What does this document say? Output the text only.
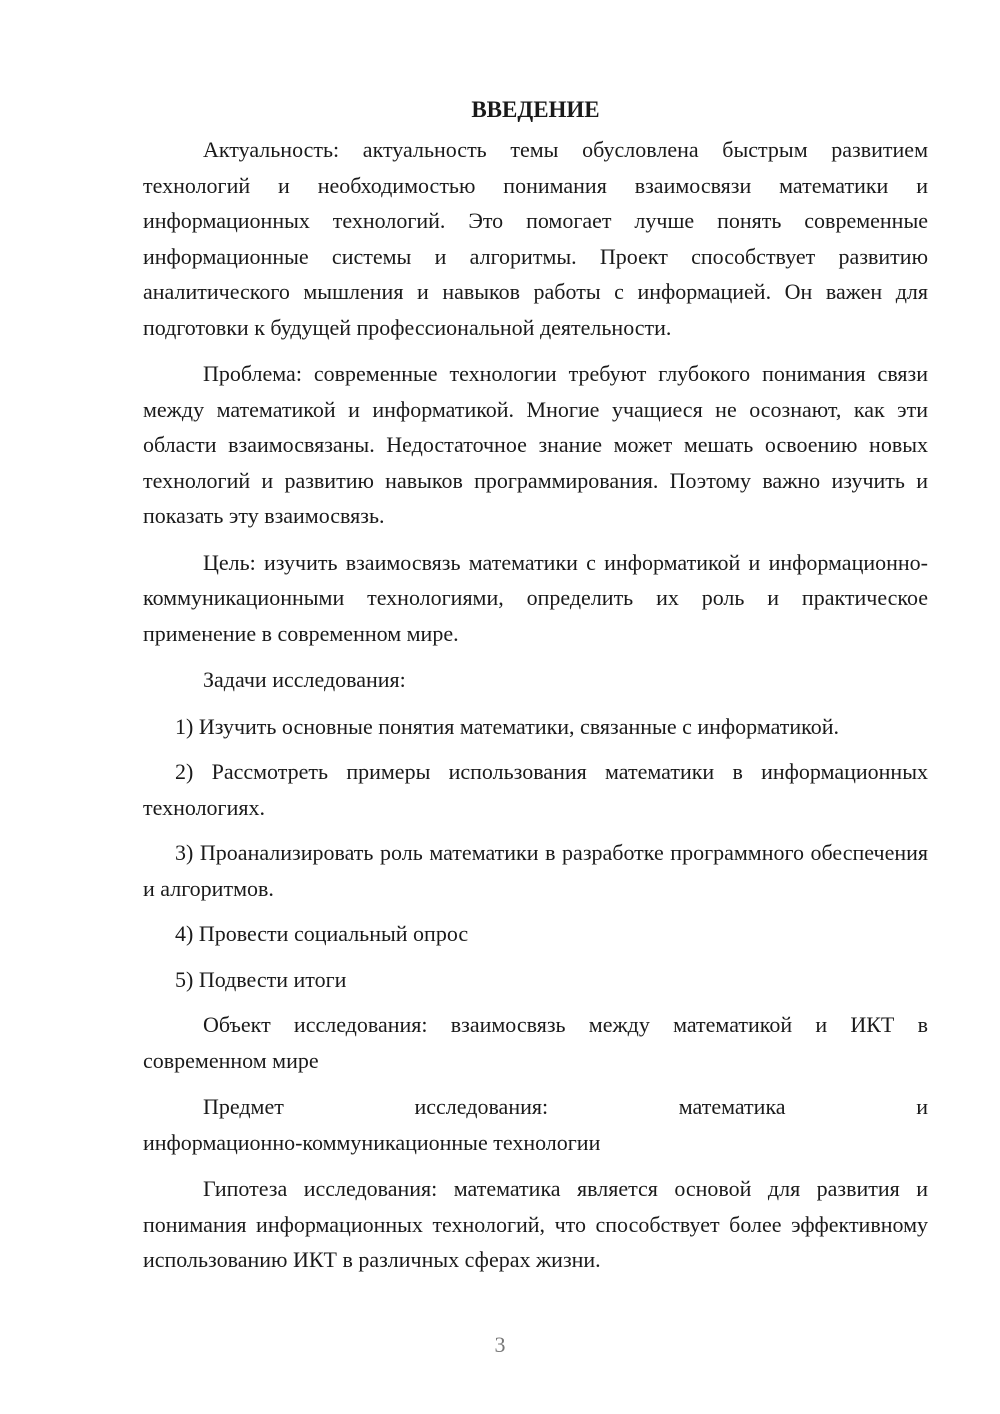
ВВЕДЕНИЕ

Актуальность: актуальность темы обусловлена быстрым развитием технологий и необходимостью понимания взаимосвязи математики и информационных технологий. Это помогает лучше понять современные информационные системы и алгоритмы. Проект способствует развитию аналитического мышления и навыков работы с информацией. Он важен для подготовки к будущей профессиональной деятельности.

Проблема: современные технологии требуют глубокого понимания связи между математикой и информатикой. Многие учащиеся не осознают, как эти области взаимосвязаны. Недостаточное знание может мешать освоению новых технологий и развитию навыков программирования. Поэтому важно изучить и показать эту взаимосвязь.

Цель: изучить взаимосвязь математики с информатикой и информационно-коммуникационными технологиями, определить их роль и практическое применение в современном мире.

Задачи исследования:

1) Изучить основные понятия математики, связанные с информатикой.

2) Рассмотреть примеры использования математики в информационных технологиях.

3) Проанализировать роль математики в разработке программного обеспечения и алгоритмов.

4) Провести социальный опрос

5) Подвести итоги

Объект исследования: взаимосвязь между математикой и ИКТ в современном мире

Предмет исследования: математика и
информационно-коммуникационные технологии

Гипотеза исследования: математика является основой для развития и понимания информационных технологий, что способствует более эффективному использованию ИКТ в различных сферах жизни.

3
